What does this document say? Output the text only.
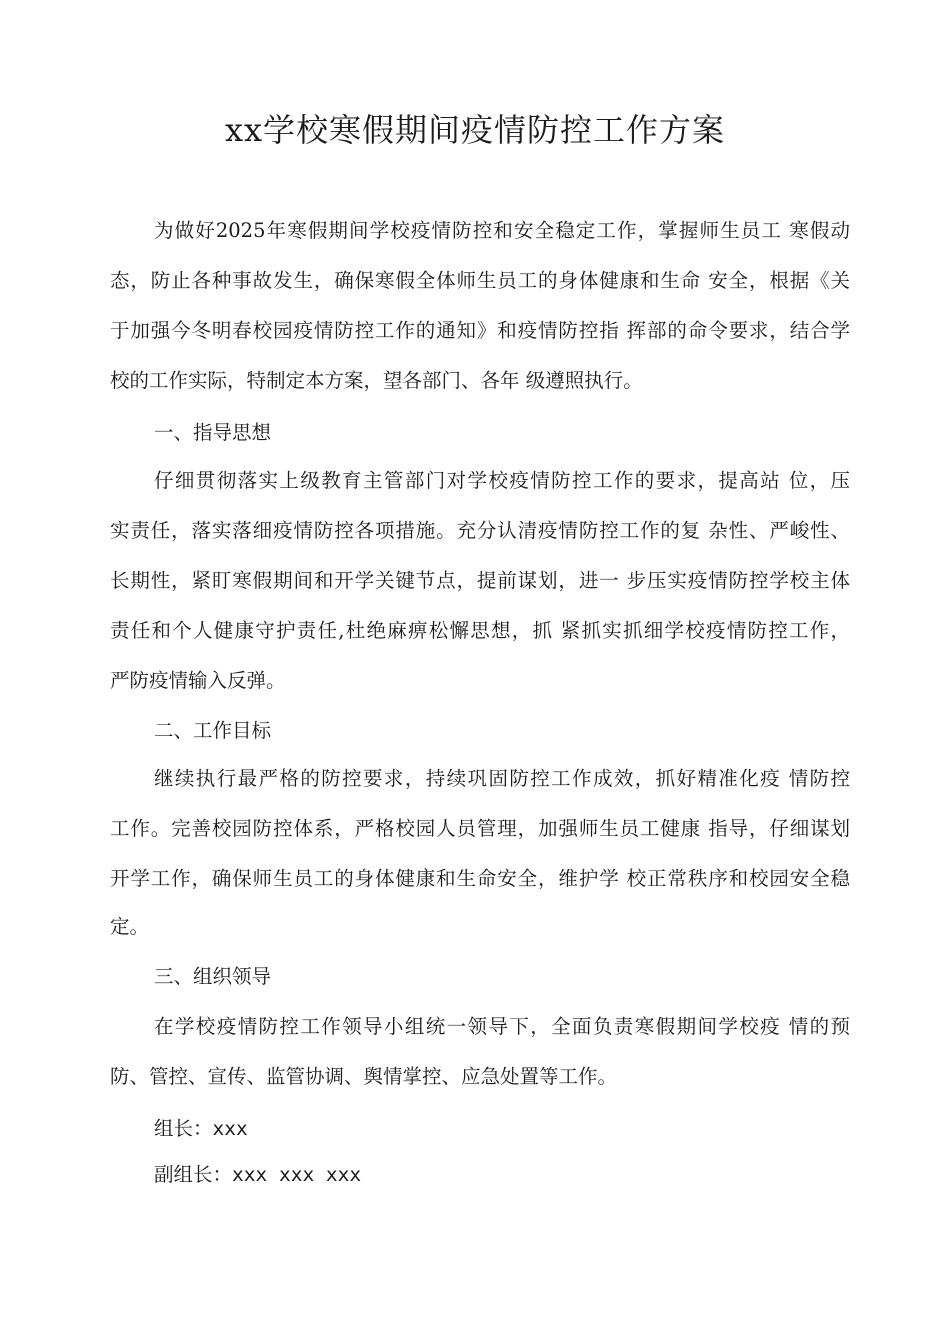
xx学校寒假期间疫情防控工作方案
为做好2025年寒假期间学校疫情防控和安全稳定工作，掌握师生员工 寒假动
态，防止各种事故发生，确保寒假全体师生员工的身体健康和生命 安全，根据《关
于加强今冬明春校园疫情防控工作的通知》和疫情防控指 挥部的命令要求，结合学
校的工作实际，特制定本方案，望各部门、各年 级遵照执行。
一、指导思想
仔细贯彻落实上级教育主管部门对学校疫情防控工作的要求，提高站 位，压
实责任，落实落细疫情防控各项措施。充分认清疫情防控工作的复 杂性、严峻性、
长期性，紧盯寒假期间和开学关键节点，提前谋划，进一 步压实疫情防控学校主体
责任和个人健康守护责任,杜绝麻痹松懈思想，抓 紧抓实抓细学校疫情防控工作，
严防疫情输入反弹。
二、工作目标
继续执行最严格的防控要求，持续巩固防控工作成效，抓好精准化疫 情防控
工作。完善校园防控体系，严格校园人员管理，加强师生员工健康 指导，仔细谋划
开学工作，确保师生员工的身体健康和生命安全，维护学 校正常秩序和校园安全稳
定。
三、组织领导
在学校疫情防控工作领导小组统一领导下，全面负责寒假期间学校疫 情的预
防、管控、宣传、监管协调、舆情掌控、应急处置等工作。
组长：xxx
副组长：xxx xxx xxx
